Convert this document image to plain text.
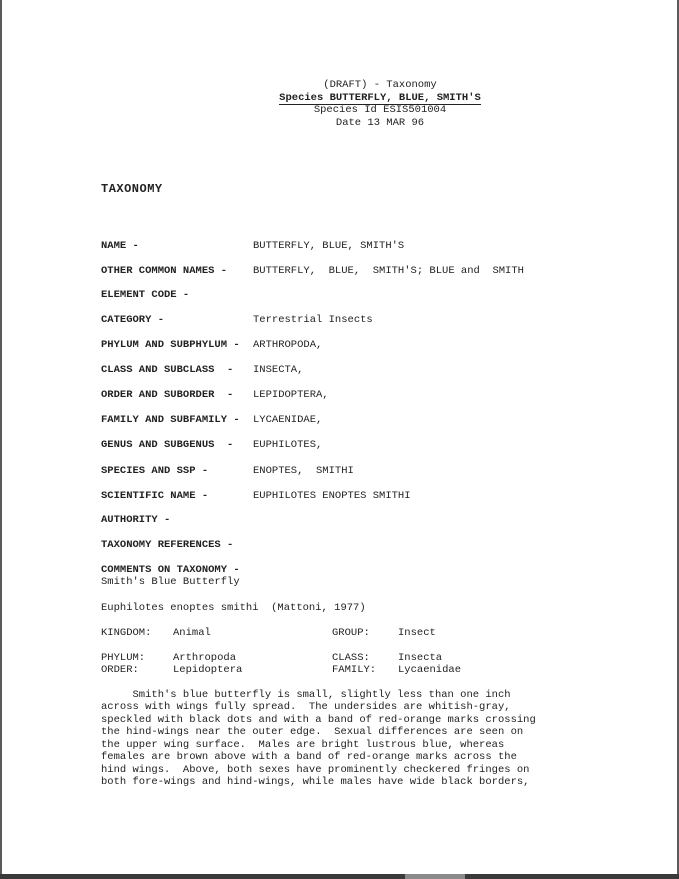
(DRAFT) - Taxonomy
Species BUTTERFLY, BLUE, SMITH'S
Species Id ESIS501004
Date 13 MAR 96
TAXONOMY
NAME -	BUTTERFLY, BLUE, SMITH'S
OTHER COMMON NAMES - BUTTERFLY,  BLUE,  SMITH'S; BLUE and  SMITH
ELEMENT CODE -
CATEGORY -	Terrestrial Insects
PHYLUM AND SUBPHYLUM - ARTHROPODA,
CLASS AND SUBCLASS  - INSECTA,
ORDER AND SUBORDER  - LEPIDOPTERA,
FAMILY AND SUBFAMILY - LYCAENIDAE,
GENUS AND SUBGENUS  - EUPHILOTES,
SPECIES AND SSP -	ENOPTES,  SMITHI
SCIENTIFIC NAME -	EUPHILOTES ENOPTES SMITHI
AUTHORITY -
TAXONOMY REFERENCES -
COMMENTS ON TAXONOMY -
Smith's Blue Butterfly
Euphilotes enoptes smithi  (Mattoni, 1977)
KINGDOM: Animal	GROUP:	Insect
PHYLUM:	Arthropoda	CLASS:	Insecta
ORDER:	Lepidoptera	FAMILY: Lycaenidae
Smith's blue butterfly is small, slightly less than one inch
across with wings fully spread.  The undersides are whitish-gray,
speckled with black dots and with a band of red-orange marks crossing
the hind-wings near the outer edge.  Sexual differences are seen on
the upper wing surface.  Males are bright lustrous blue, whereas
females are brown above with a band of red-orange marks across the
hind wings.  Above, both sexes have prominently checkered fringes on
both fore-wings and hind-wings, while males have wide black borders,
